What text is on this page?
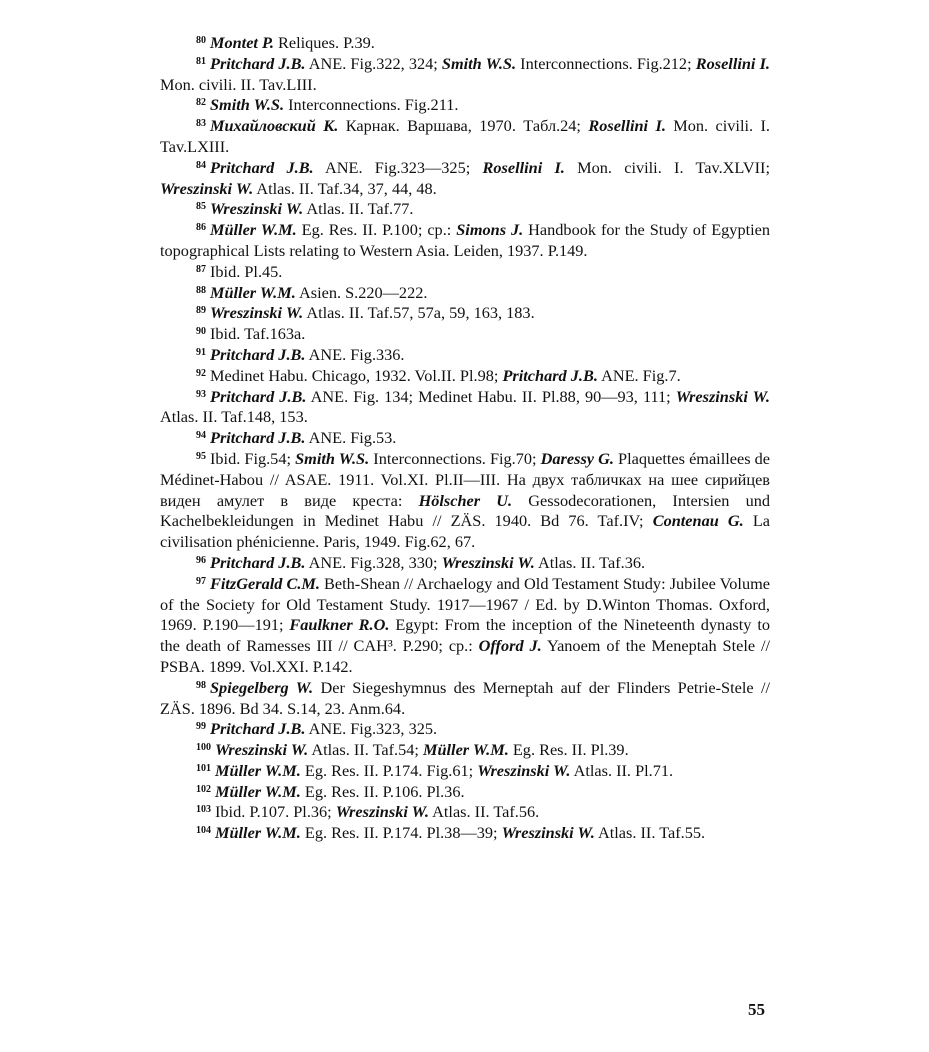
$^{80}$ Montet P. Reliques. P.39.

$^{81}$ Pritchard J.B. ANE. Fig.322, 324; Smith W.S. Interconnections. Fig.212; Rosellini I. Mon. civili. II. Tav.LIII.

$^{82}$ Smith W.S. Interconnections. Fig.211.

$^{83}$ Михайловский К. Карнак. Варшава, 1970. Табл.24; Rosellini I. Mon. civili. I. Tav.LXIII.

$^{84}$ Pritchard J.B. ANE. Fig.323—325; Rosellini I. Mon. civili. I. Tav.XLVII; Wreszinski W. Atlas. II. Taf.34, 37, 44, 48.

$^{85}$ Wreszinski W. Atlas. II. Taf.77.

$^{86}$ Müller W.M. Eg. Res. II. P.100; ср.: Simons J. Handbook for the Study of Egyptien topographical Lists relating to Western Asia. Leiden, 1937. P.149.

$^{87}$ Ibid. Pl.45.

$^{88}$ Müller W.M. Asien. S.220—222.

$^{89}$ Wreszinski W. Atlas. II. Taf.57, 57a, 59, 163, 183.

$^{90}$ Ibid. Taf.163a.

$^{91}$ Pritchard J.B. ANE. Fig.336.

$^{92}$ Medinet Habu. Chicago, 1932. Vol.II. Pl.98; Pritchard J.B. ANE. Fig.7.

$^{93}$ Pritchard J.B. ANE. Fig. 134; Medinet Habu. II. Pl.88, 90—93, 111; Wreszinski W. Atlas. II. Taf.148, 153.

$^{94}$ Pritchard J.B. ANE. Fig.53.

$^{95}$ Ibid. Fig.54; Smith W.S. Interconnections. Fig.70; Daressy G. Plaquettes émaillees de Médinet-Habou // ASAE. 1911. Vol.XI. Pl.II—III. На двух табличках на шее сирийцев виден амулет в виде креста: Hölscher U. Gessodecorationen, Intersien und Kachelbekleidungen in Medinet Habu // ZÄS. 1940. Bd 76. Taf.IV; Contenau G. La civilisation phénicienne. Paris, 1949. Fig.62, 67.

$^{96}$ Pritchard J.B. ANE. Fig.328, 330; Wreszinski W. Atlas. II. Taf.36.

$^{97}$ FitzGerald C.M. Beth-Shean // Archaelogy and Old Testament Study: Jubilee Volume of the Society for Old Testament Study. 1917—1967 / Ed. by D.Winton Thomas. Oxford, 1969. P.190—191; Faulkner R.O. Egypt: From the inception of the Nineteenth dynasty to the death of Ramesses III // CAH³. P.290; ср.: Offord J. Yanoem of the Meneptah Stele // PSBA. 1899. Vol.XXI. P.142.

$^{98}$ Spiegelberg W. Der Siegeshymnus des Merneptah auf der Flinders Petrie-Stele // ZÄS. 1896. Bd 34. S.14, 23. Anm.64.

$^{99}$ Pritchard J.B. ANE. Fig.323, 325.

$^{100}$ Wreszinski W. Atlas. II. Taf.54; Müller W.M. Eg. Res. II. Pl.39.

$^{101}$ Müller W.M. Eg. Res. II. P.174. Fig.61; Wreszinski W. Atlas. II. Pl.71.

$^{102}$ Müller W.M. Eg. Res. II. P.106. Pl.36.

$^{103}$ Ibid. P.107. Pl.36; Wreszinski W. Atlas. II. Taf.56.

$^{104}$ Müller W.M. Eg. Res. II. P.174. Pl.38—39; Wreszinski W. Atlas. II. Taf.55.

55
